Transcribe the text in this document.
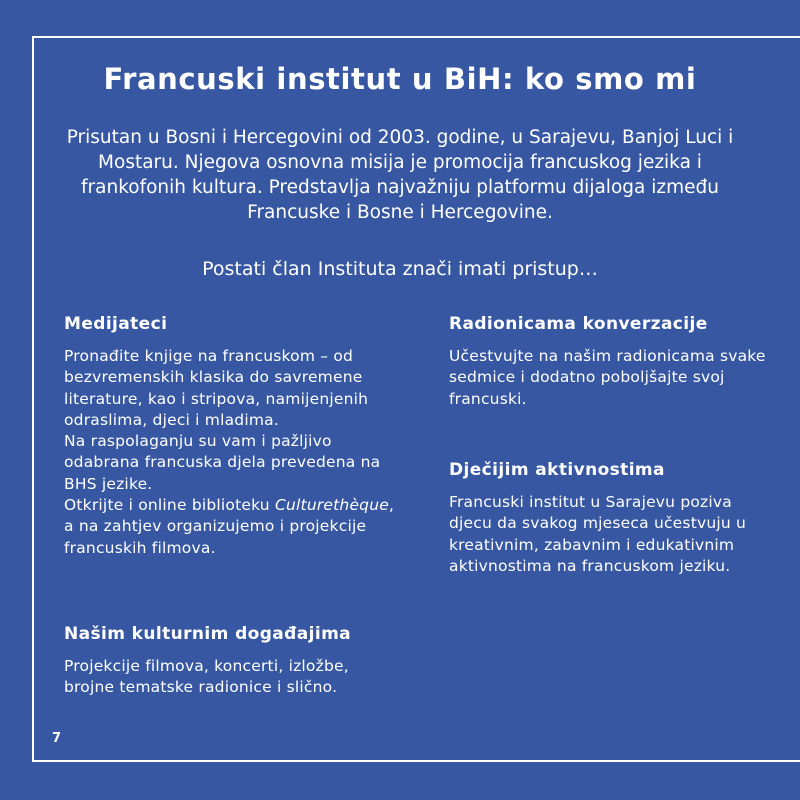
Francuski institut u BiH: ko smo mi

Prisutan u Bosni i Hercegovini od 2003. godine, u Sarajevu, Banjoj Luci i Mostaru. Njegova osnovna misija je promocija francuskog jezika i frankofonih kultura. Predstavlja najvažniju platformu dijaloga između Francuske i Bosne i Hercegovine.

Postati član Instituta znači imati pristup…

Medijateci

Pronađite knjige na francuskom – od bezvremenskih klasika do savremene literature, kao i stripova, namijenjenih odraslima, djeci i mladima.
Na raspolaganju su vam i pažljivo odabrana francuska djela prevedena na BHS jezike.
Otkrijte i online biblioteku Culturethèque, a na zahtjev organizujemo i projekcije francuskih filmova.

Našim kulturnim događajima

Projekcije filmova, koncerti, izložbe, brojne tematske radionice i slično.

Radionicama konverzacije

Učestvujte na našim radionicama svake sedmice i dodatno poboljšajte svoj francuski.

Dječijim aktivnostima

Francuski institut u Sarajevu poziva djecu da svakog mjeseca učestvuju u kreativnim, zabavnim i edukativnim aktivnostima na francuskom jeziku.

7
